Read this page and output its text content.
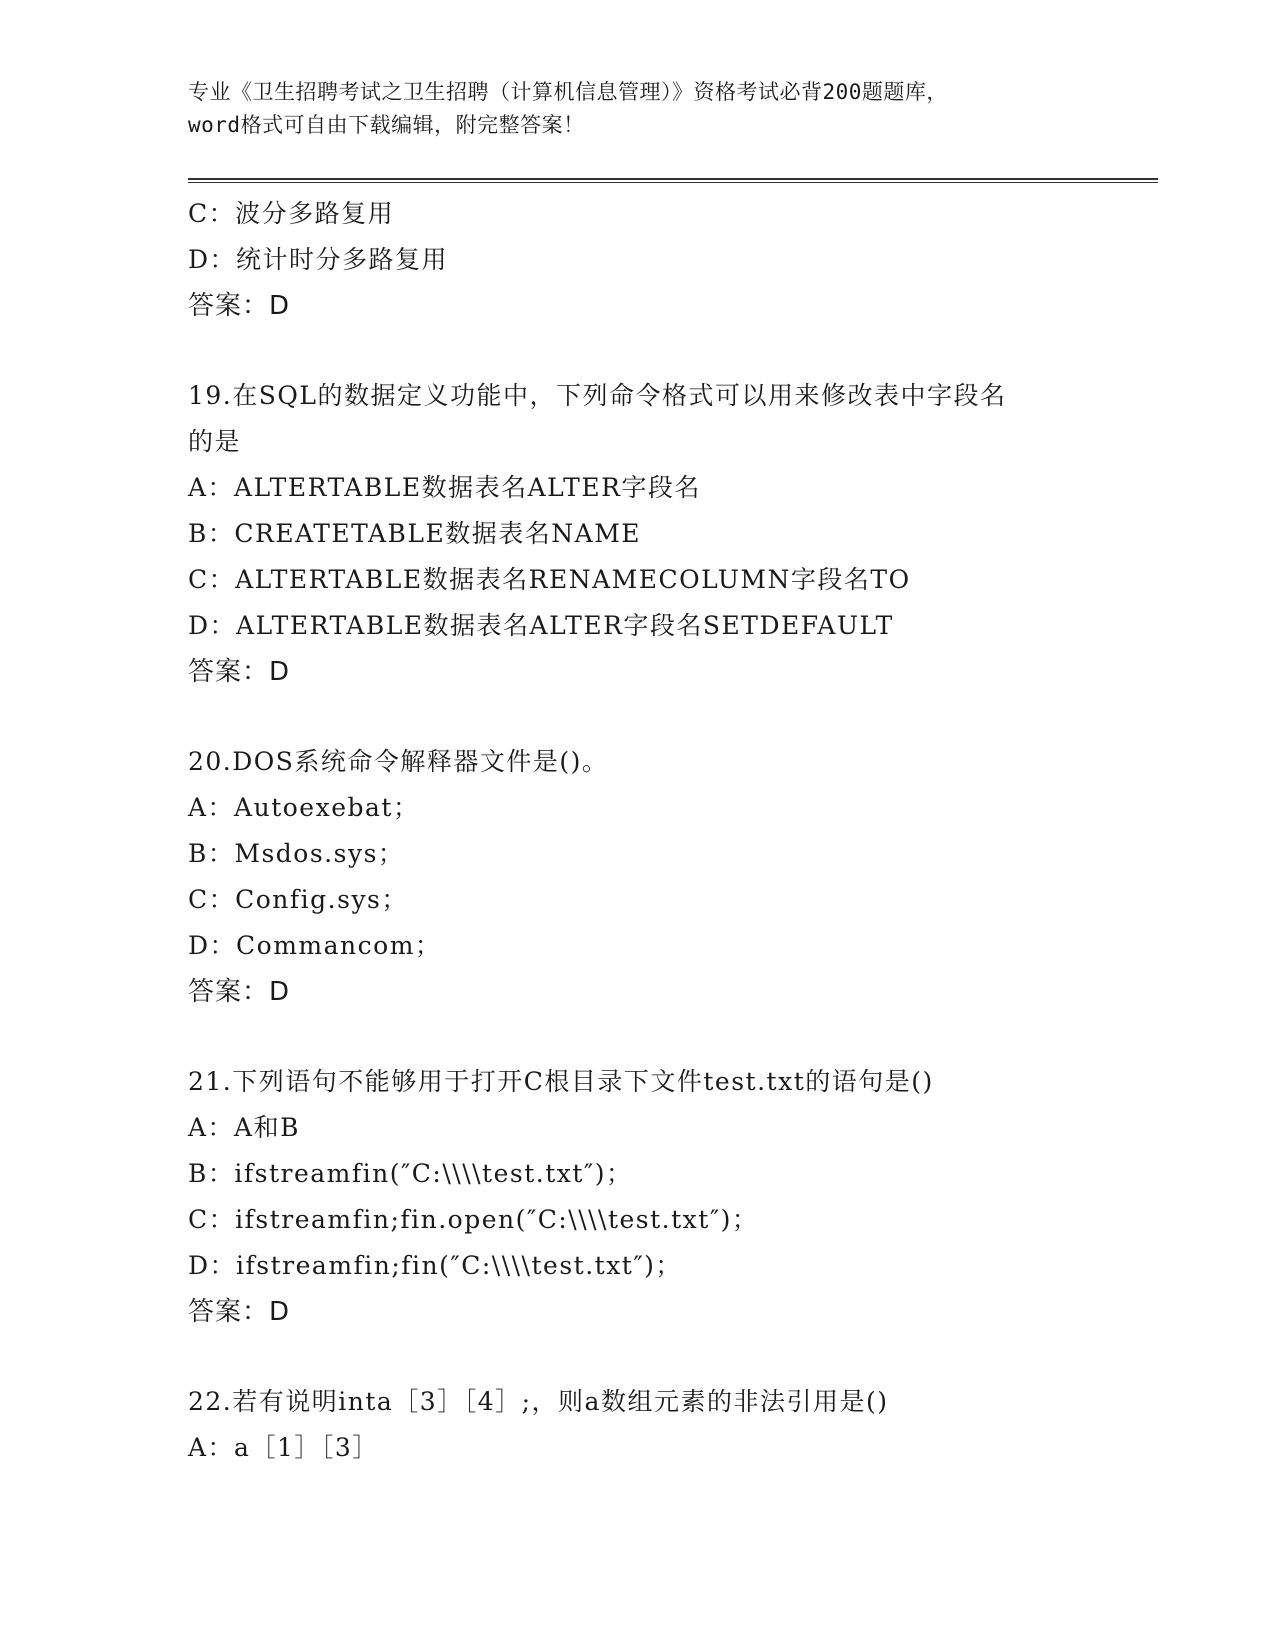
专业《卫生招聘考试之卫生招聘（计算机信息管理）》资格考试必背200题题库，
word格式可自由下载编辑，附完整答案！
C：波分多路复用
D：统计时分多路复用
答案：D
19.在SQL的数据定义功能中，下列命令格式可以用来修改表中字段名
的是
A：ALTERTABLE数据表名ALTER字段名
B：CREATETABLE数据表名NAME
C：ALTERTABLE数据表名RENAMECOLUMN字段名TO
D：ALTERTABLE数据表名ALTER字段名SETDEFAULT
答案：D
20.DOS系统命令解释器文件是()。
A：Autoexebat；
B：Msdos.sys；
C：Config.sys；
D：Commancom；
答案：D
21.下列语句不能够用于打开C根目录下文件test.txt的语句是()
A：A和B
B：ifstreamfin(″C:\\\\test.txt″)；
C：ifstreamfin;fin.open(″C:\\\\test.txt″)；
D：ifstreamfin;fin(″C:\\\\test.txt″)；
答案：D
22.若有说明inta［3］［4］;，则a数组元素的非法引用是()
A：a［1］［3］
